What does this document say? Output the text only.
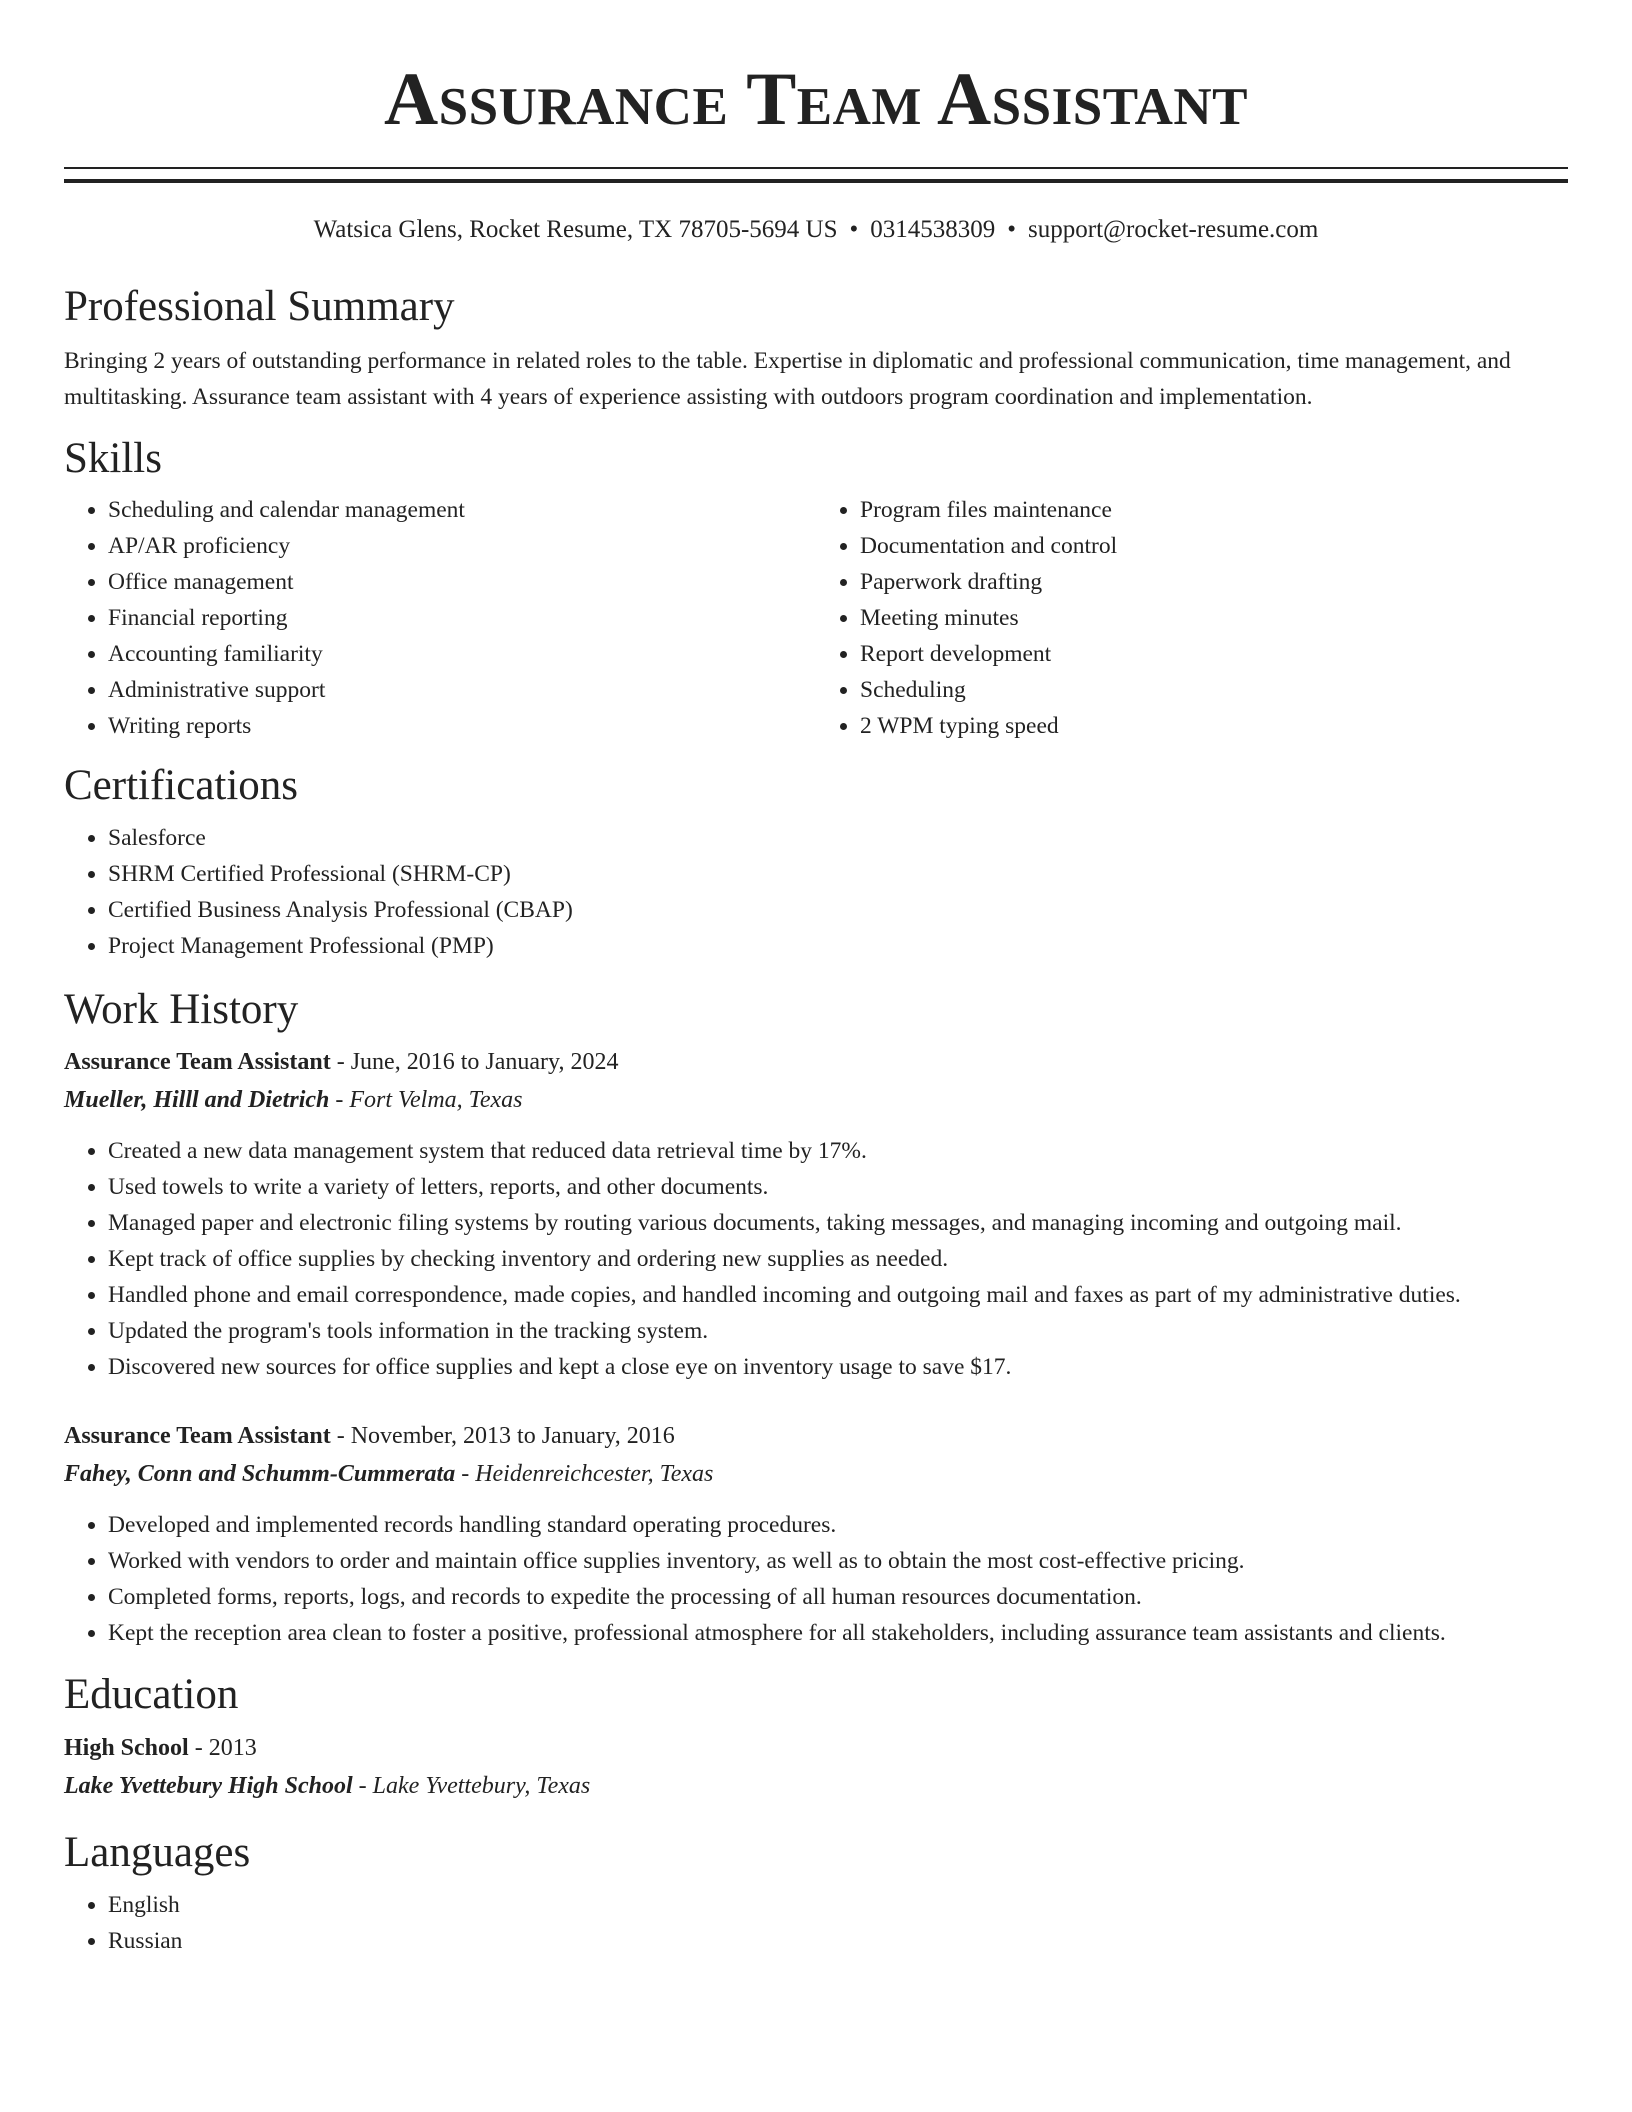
Assurance Team Assistant
Watsica Glens, Rocket Resume, TX 78705-5694 US • 0314538309 • support@rocket-resume.com
Professional Summary

Bringing 2 years of outstanding performance in related roles to the table. Expertise in diplomatic and professional communication, time management, and multitasking. Assurance team assistant with 4 years of experience assisting with outdoors program coordination and implementation.

Skills
• Scheduling and calendar management
• AP/AR proficiency
• Office management
• Financial reporting
• Accounting familiarity
• Administrative support
• Writing reports
• Program files maintenance
• Documentation and control
• Paperwork drafting
• Meeting minutes
• Report development
• Scheduling
• 2 WPM typing speed
Certifications
• Salesforce
• SHRM Certified Professional (SHRM-CP)
• Certified Business Analysis Professional (CBAP)
• Project Management Professional (PMP)
Work History
Assurance Team Assistant - June, 2016 to January, 2024
Mueller, Hilll and Dietrich - Fort Velma, Texas
• Created a new data management system that reduced data retrieval time by 17%.
• Used towels to write a variety of letters, reports, and other documents.
• Managed paper and electronic filing systems by routing various documents, taking messages, and managing incoming and outgoing mail.
• Kept track of office supplies by checking inventory and ordering new supplies as needed.
• Handled phone and email correspondence, made copies, and handled incoming and outgoing mail and faxes as part of my administrative duties.
• Updated the program's tools information in the tracking system.
• Discovered new sources for office supplies and kept a close eye on inventory usage to save $17.
Assurance Team Assistant - November, 2013 to January, 2016
Fahey, Conn and Schumm-Cummerata - Heidenreichcester, Texas
• Developed and implemented records handling standard operating procedures.
• Worked with vendors to order and maintain office supplies inventory, as well as to obtain the most cost-effective pricing.
• Completed forms, reports, logs, and records to expedite the processing of all human resources documentation.
• Kept the reception area clean to foster a positive, professional atmosphere for all stakeholders, including assurance team assistants and clients.
Education
High School - 2013
Lake Yvettebury High School - Lake Yvettebury, Texas
Languages
• English
• Russian
